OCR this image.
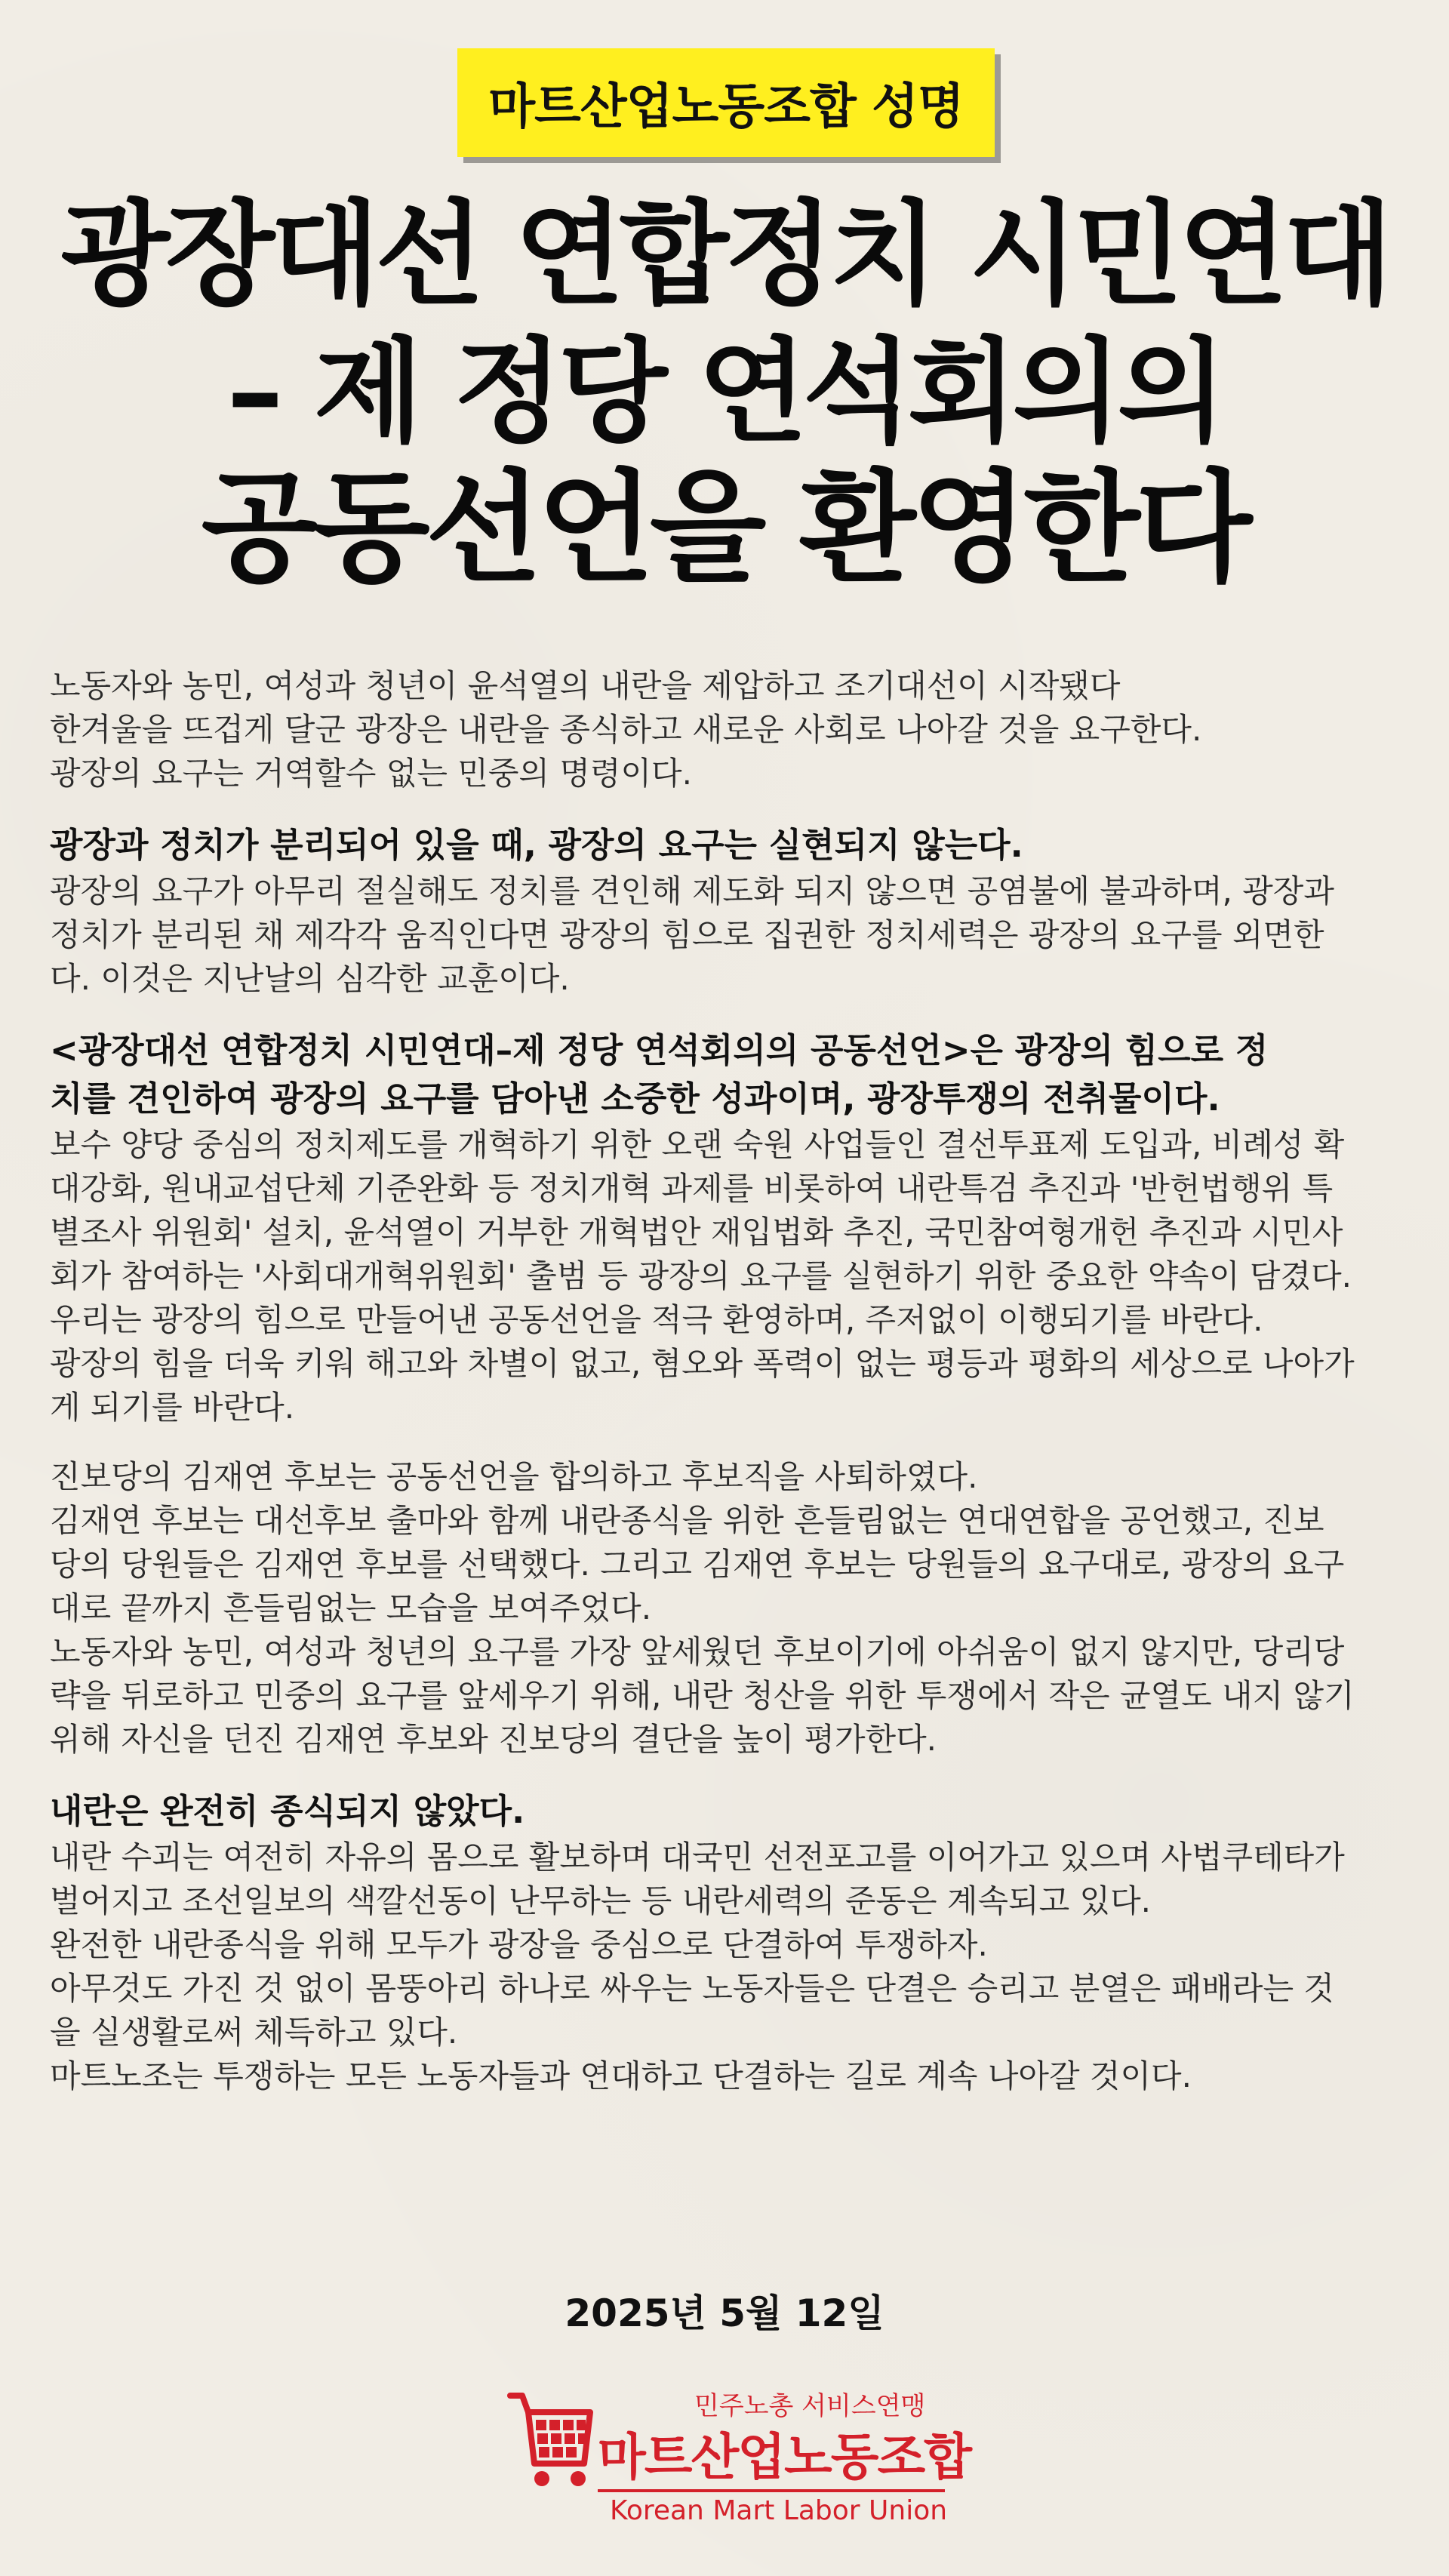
마트산업노동조합 성명
광장대선 연합정치 시민연대
– 제 정당 연석회의의
공동선언을 환영한다

노동자와 농민, 여성과 청년이 윤석열의 내란을 제압하고 조기대선이 시작됐다

한겨울을 뜨겁게 달군 광장은 내란을 종식하고 새로운 사회로 나아갈 것을 요구한다.

광장의 요구는 거역할수 없는 민중의 명령이다.

광장과 정치가 분리되어 있을 때, 광장의 요구는 실현되지 않는다.

광장의 요구가 아무리 절실해도 정치를 견인해 제도화 되지 않으면 공염불에 불과하며, 광장과

정치가 분리된 채 제각각 움직인다면 광장의 힘으로 집권한 정치세력은 광장의 요구를 외면한

다. 이것은 지난날의 심각한 교훈이다.

<광장대선 연합정치 시민연대–제 정당 연석회의의 공동선언>은 광장의 힘으로 정

치를 견인하여 광장의 요구를 담아낸 소중한 성과이며, 광장투쟁의 전취물이다.

보수 양당 중심의 정치제도를 개혁하기 위한 오랜 숙원 사업들인 결선투표제 도입과, 비례성 확

대강화, 원내교섭단체 기준완화 등 정치개혁 과제를 비롯하여 내란특검 추진과 '반헌법행위 특

별조사 위원회' 설치, 윤석열이 거부한 개혁법안 재입법화 추진, 국민참여형개헌 추진과 시민사

회가 참여하는 '사회대개혁위원회' 출범 등 광장의 요구를 실현하기 위한 중요한 약속이 담겼다.

우리는 광장의 힘으로 만들어낸 공동선언을 적극 환영하며, 주저없이 이행되기를 바란다.

광장의 힘을 더욱 키워 해고와 차별이 없고, 혐오와 폭력이 없는 평등과 평화의 세상으로 나아가

게 되기를 바란다.

진보당의 김재연 후보는 공동선언을 합의하고 후보직을 사퇴하였다.

김재연 후보는 대선후보 출마와 함께 내란종식을 위한 흔들림없는 연대연합을 공언했고, 진보

당의 당원들은 김재연 후보를 선택했다. 그리고 김재연 후보는 당원들의 요구대로, 광장의 요구

대로 끝까지 흔들림없는 모습을 보여주었다.

노동자와 농민, 여성과 청년의 요구를 가장 앞세웠던 후보이기에 아쉬움이 없지 않지만, 당리당

략을 뒤로하고 민중의 요구를 앞세우기 위해, 내란 청산을 위한 투쟁에서 작은 균열도 내지 않기

위해 자신을 던진 김재연 후보와 진보당의 결단을 높이 평가한다.

내란은 완전히 종식되지 않았다.

내란 수괴는 여전히 자유의 몸으로 활보하며 대국민 선전포고를 이어가고 있으며 사법쿠테타가

벌어지고 조선일보의 색깔선동이 난무하는 등 내란세력의 준동은 계속되고 있다.

완전한 내란종식을 위해 모두가 광장을 중심으로 단결하여 투쟁하자.

아무것도 가진 것 없이 몸뚱아리 하나로 싸우는 노동자들은 단결은 승리고 분열은 패배라는 것

을 실생활로써 체득하고 있다.

마트노조는 투쟁하는 모든 노동자들과 연대하고 단결하는 길로 계속 나아갈 것이다.

2025년 5월 12일
민주노총 서비스연맹
마트산업노동조합
Korean Mart Labor Union
